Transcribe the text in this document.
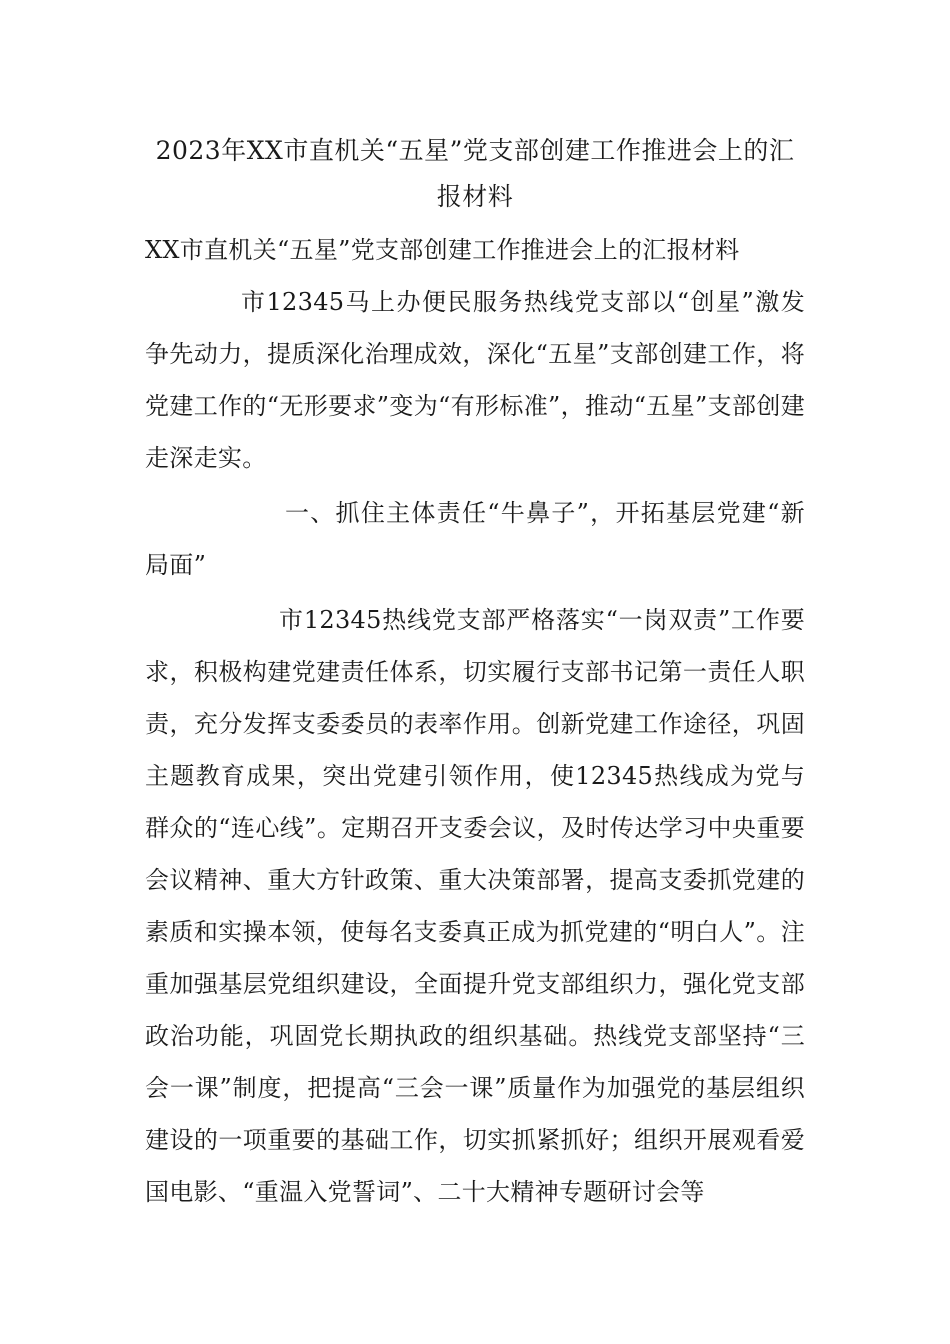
2023年XX市直机关“五星”党支部创建工作推进会上的汇报材料

XX市直机关“五星”党支部创建工作推进会上的汇报材料

市12345马上办便民服务热线党支部以“创星”激发争先动力，提质深化治理成效，深化“五星”支部创建工作，将党建工作的“无形要求”变为“有形标准”，推动“五星”支部创建走深走实。

一、抓住主体责任“牛鼻子”，开拓基层党建“新局面”

市12345热线党支部严格落实“一岗双责”工作要求，积极构建党建责任体系，切实履行支部书记第一责任人职责，充分发挥支委委员的表率作用。创新党建工作途径，巩固主题教育成果，突出党建引领作用，使12345热线成为党与群众的“连心线”。定期召开支委会议，及时传达学习中央重要会议精神、重大方针政策、重大决策部署，提高支委抓党建的素质和实操本领，使每名支委真正成为抓党建的“明白人”。注重加强基层党组织建设，全面提升党支部组织力，强化党支部政治功能，巩固党长期执政的组织基础。热线党支部坚持“三会一课”制度，把提高“三会一课”质量作为加强党的基层组织建设的一项重要的基础工作，切实抓紧抓好；组织开展观看爱国电影、“重温入党誓词”、二十大精神专题研讨会等
